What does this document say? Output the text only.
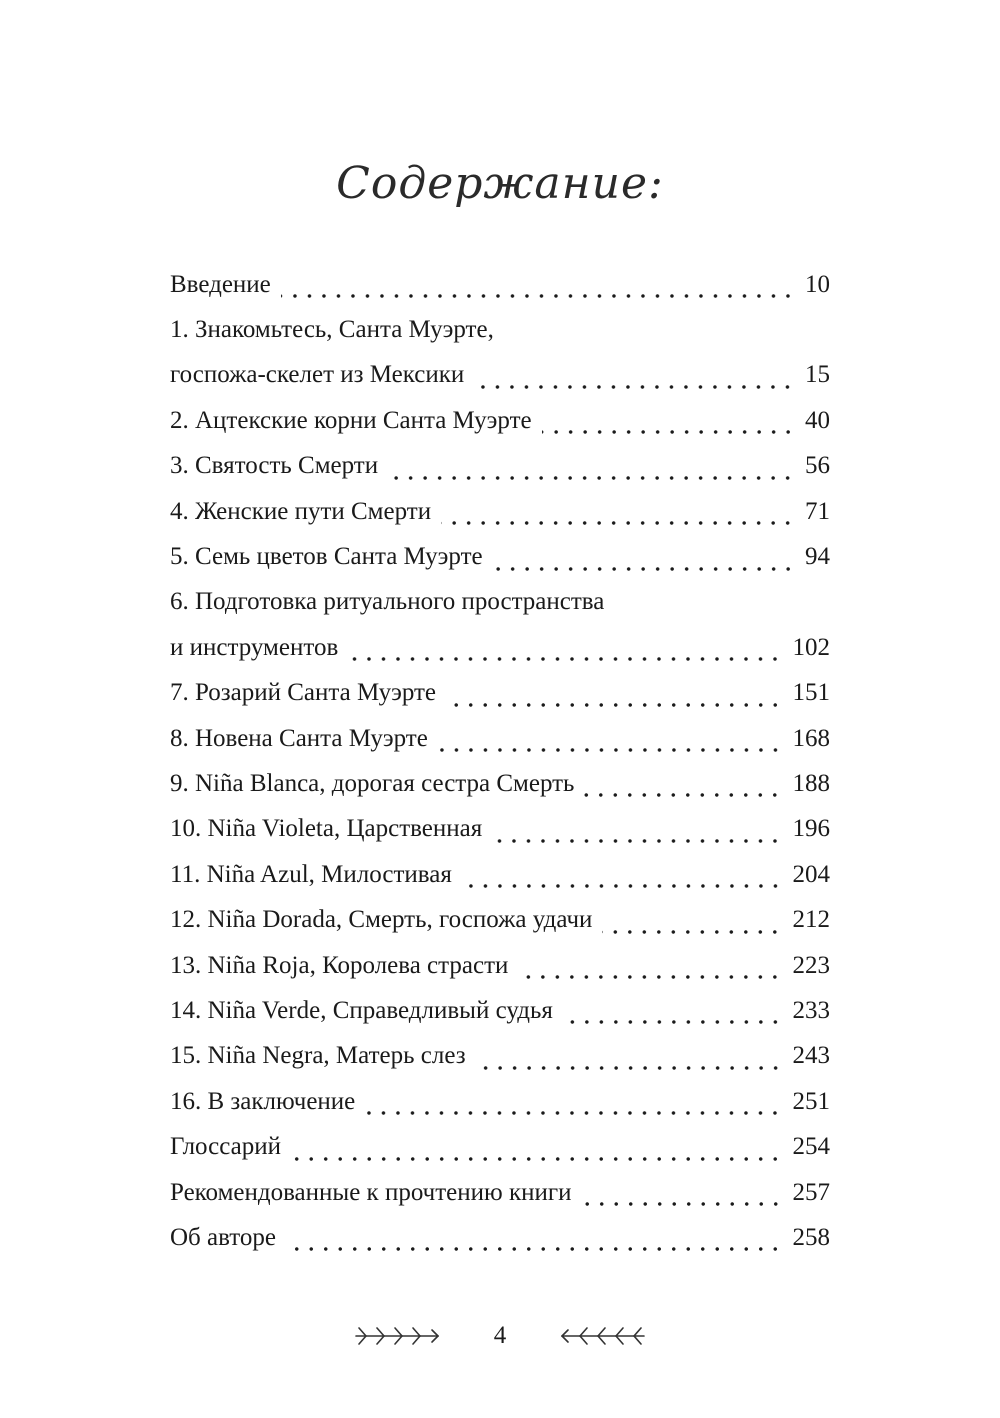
Содержание:
Введение	10
1. Знакомьтесь, Санта Муэрте,
госпожа-скелет из Мексики	15
2. Ацтекские корни Санта Муэрте	40
3. Святость Смерти	56
4. Женские пути Смерти	71
5. Семь цветов Санта Муэрте	94
6. Подготовка ритуального пространства
и инструментов	102
7. Розарий Санта Муэрте	151
8. Новена Санта Муэрте	168
9. Niña Blanca, дорогая сестра Смерть	188
10. Niña Violeta, Царственная	196
11. Niña Azul, Милостивая	204
12. Niña Dorada, Смерть, госпожа удачи	212
13. Niña Roja, Королева страсти	223
14. Niña Verde, Справедливый судья	233
15. Niña Negra, Матерь слез	243
16. В заключение	251
Глоссарий	254
Рекомендованные к прочтению книги	257
Об авторе	258
4
